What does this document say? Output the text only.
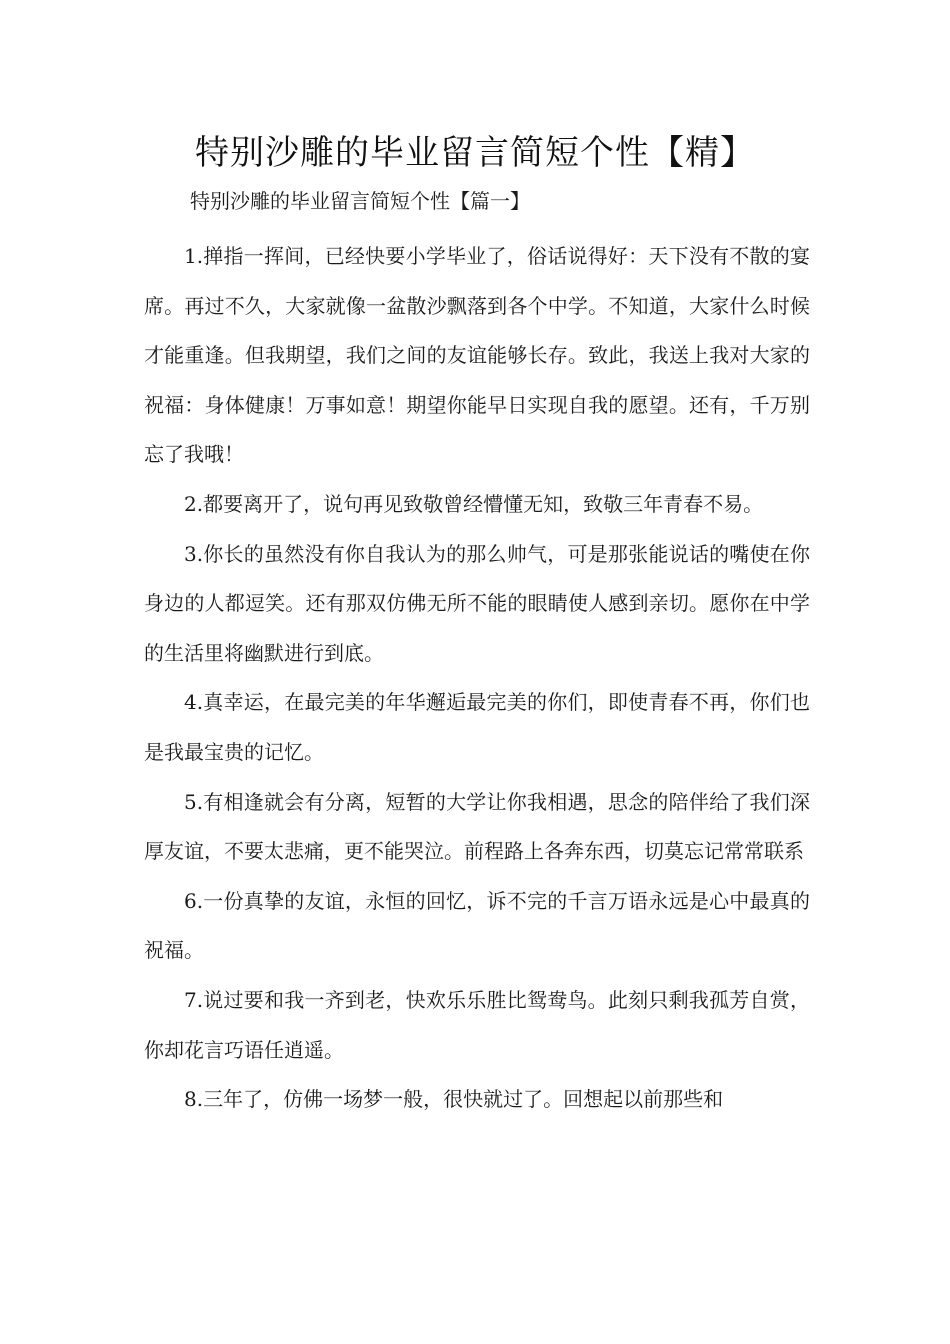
特别沙雕的毕业留言简短个性【精】

特别沙雕的毕业留言简短个性【篇一】

1.掸指一挥间，已经快要小学毕业了，俗话说得好：天下没有不散的宴席。再过不久，大家就像一盆散沙飘落到各个中学。不知道，大家什么时候才能重逢。但我期望，我们之间的友谊能够长存。致此，我送上我对大家的祝福：身体健康！万事如意！期望你能早日实现自我的愿望。还有，千万别忘了我哦！

2.都要离开了，说句再见致敬曾经懵懂无知，致敬三年青春不易。

3.你长的虽然没有你自我认为的那么帅气，可是那张能说话的嘴使在你身边的人都逗笑。还有那双仿佛无所不能的眼睛使人感到亲切。愿你在中学的生活里将幽默进行到底。

4.真幸运，在最完美的年华邂逅最完美的你们，即使青春不再，你们也是我最宝贵的记忆。

5.有相逢就会有分离，短暂的大学让你我相遇，思念的陪伴给了我们深厚友谊，不要太悲痛，更不能哭泣。前程路上各奔东西，切莫忘记常常联系

6.一份真挚的友谊，永恒的回忆，诉不完的千言万语永远是心中最真的祝福。

7.说过要和我一齐到老，快欢乐乐胜比鸳鸯鸟。此刻只剩我孤芳自赏，你却花言巧语任逍遥。

8.三年了，仿佛一场梦一般，很快就过了。回想起以前那些和
